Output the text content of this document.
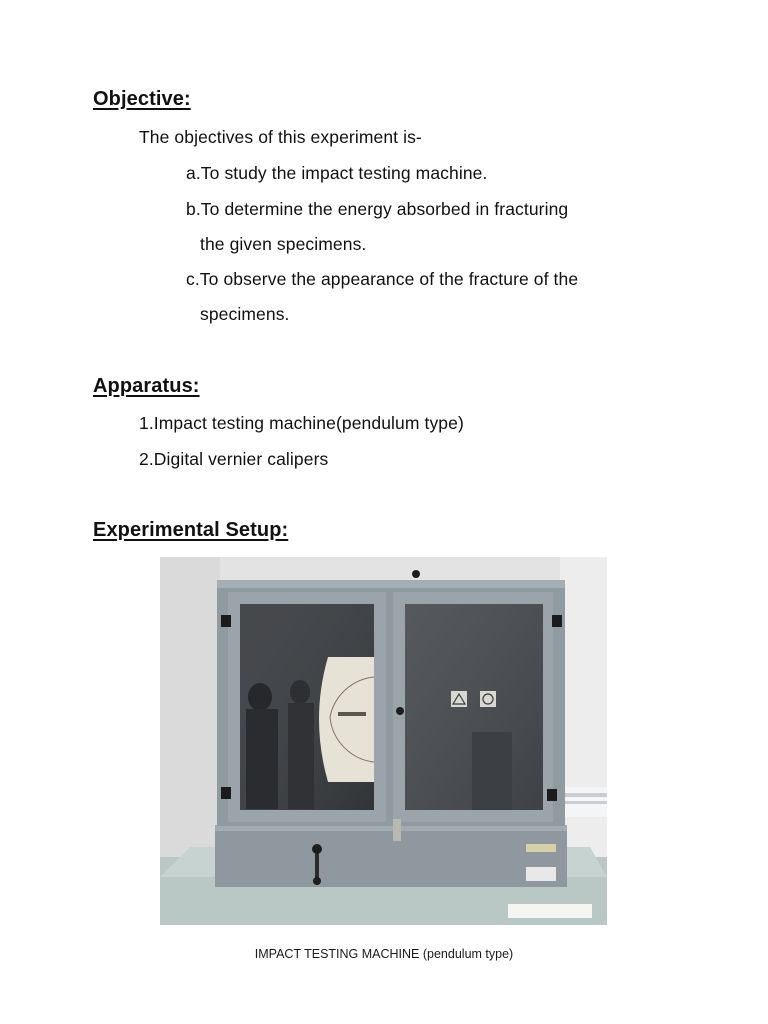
Objective:

The objectives of this experiment is-

a.To study the impact testing machine.

b.To determine the energy absorbed in fracturing

the given specimens.

c.To observe the appearance of the fracture of the

specimens.

Apparatus:

1.Impact testing machine(pendulum type)

2.Digital vernier calipers

Experimental Setup:

IMPACT TESTING MACHINE (pendulum type)
